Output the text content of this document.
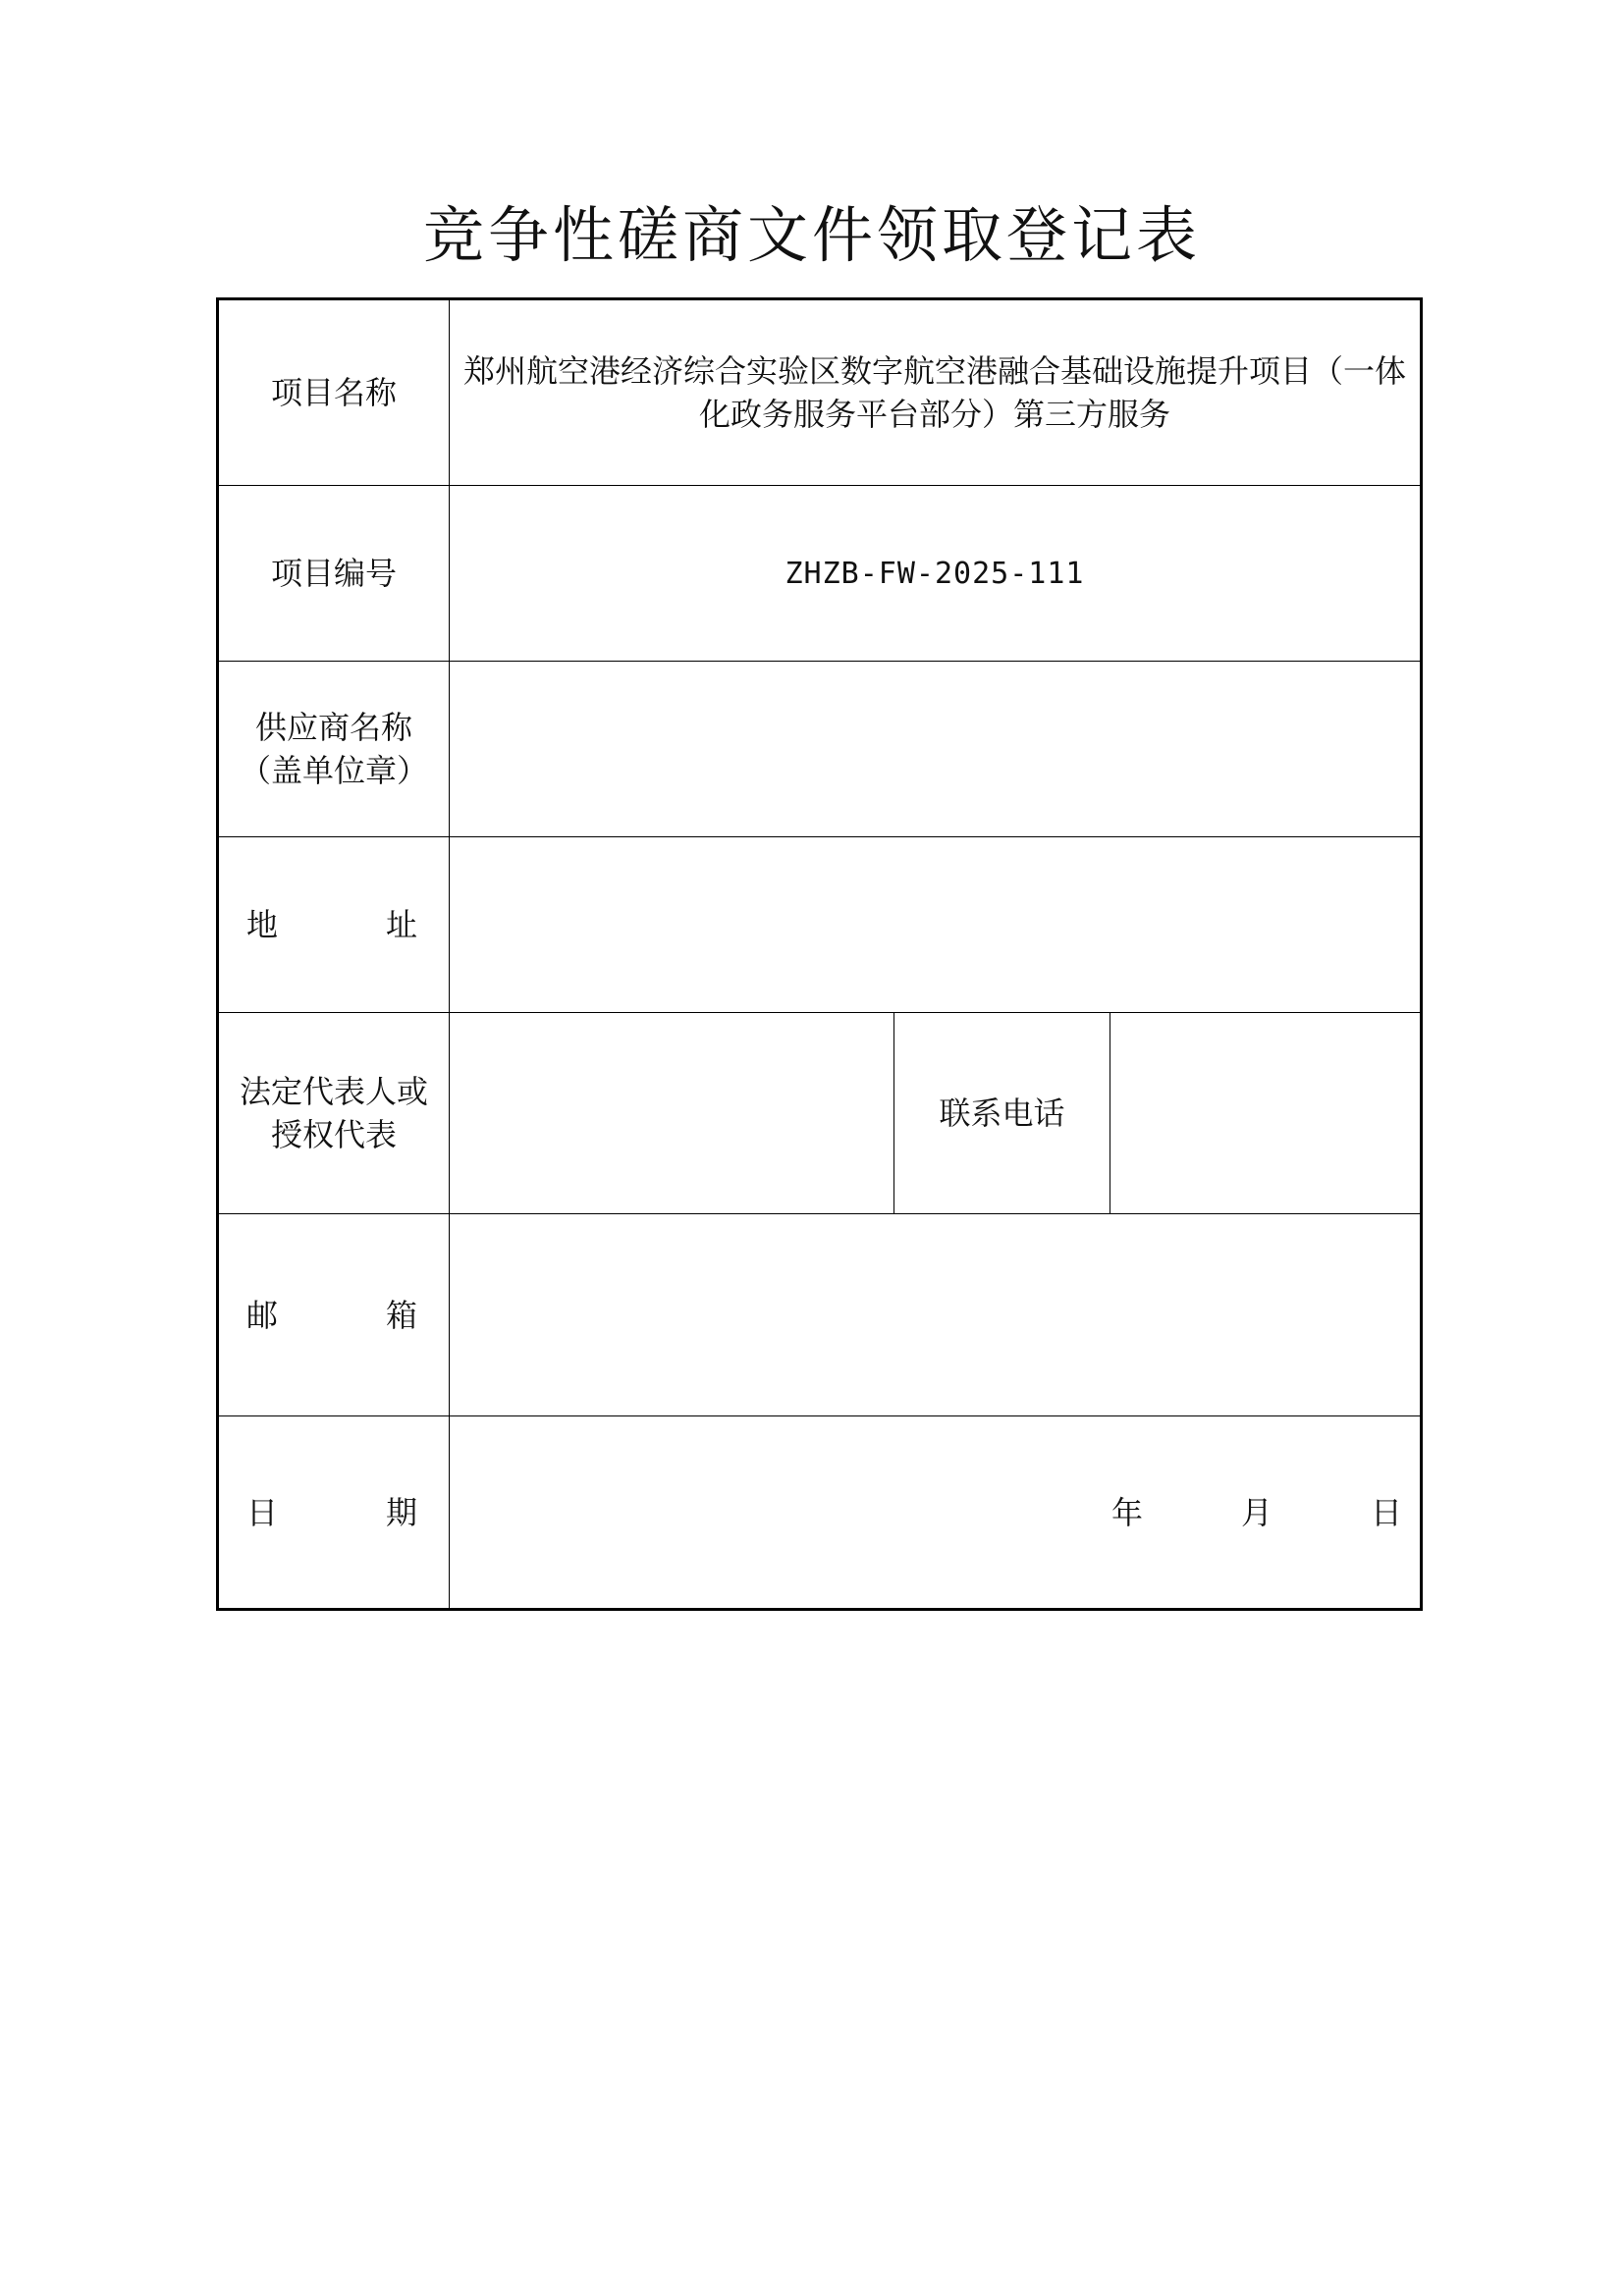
竞争性磋商文件领取登记表
项目名称	郑州航空港经济综合实验区数字航空港融合基础设施提升项目（一体化政务服务平台部分）第三方服务		
项目编号	ZHZB-FW-2025-111		

供应商名称
（盖单位章）			

地 址			

法定代表人或
授权代表		联系电话	

邮 箱			

日 期	年 月 日		
